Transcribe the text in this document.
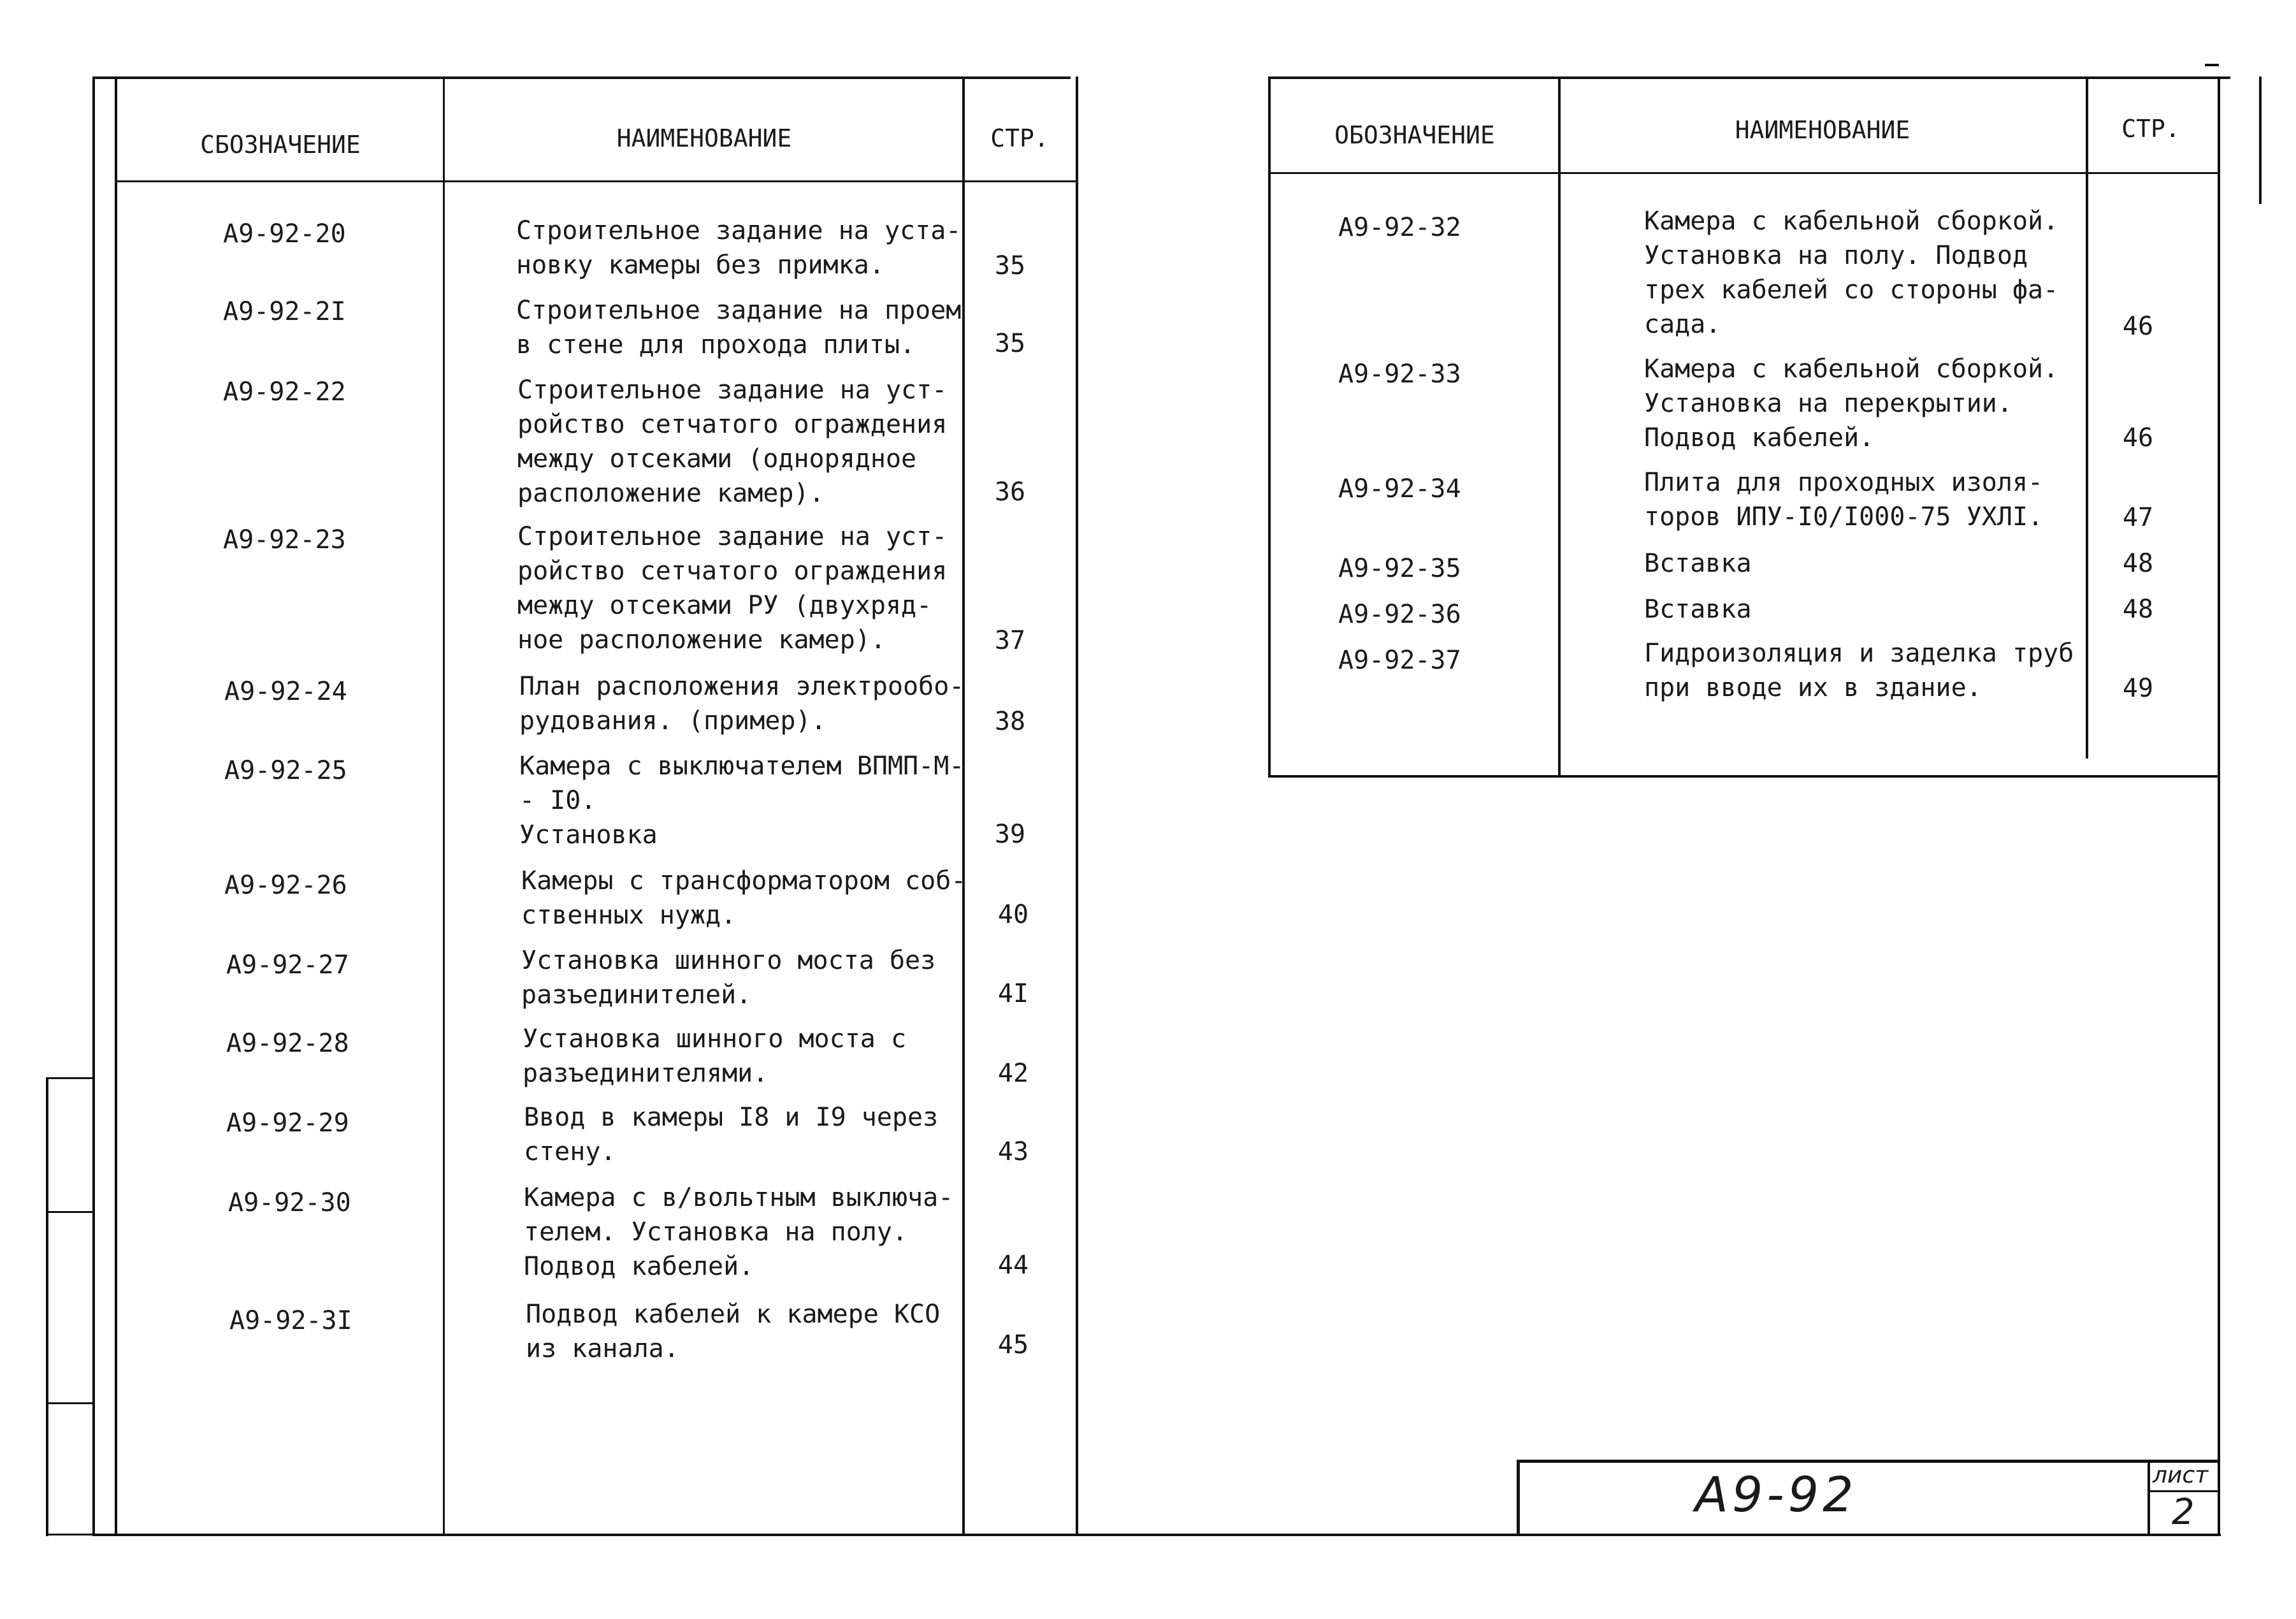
СБОЗНАЧЕНИЕ	НАИМЕНОВАНИЕ	СТР.
А9-92-20	Строительное задание на уста-
новку камеры без примка.	35
А9-92-2I	Строительное задание на проем
в стене для прохода плиты.	35
А9-92-22	Строительное задание на уст-
ройство сетчатого ограждения
между отсеками (однорядное
расположение камер).	36
А9-92-23	Строительное задание на уст-
ройство сетчатого ограждения
между отсеками РУ (двухряд-
ное расположение камер).	37
А9-92-24	План расположения электрообо-
рудования. (пример).	38
А9-92-25	Камера с выключателем ВПМП-М-
- I0.
Установка	39
А9-92-26	Камеры с трансформатором соб-
ственных нужд.	40
А9-92-27	Установка шинного моста без
разъединителей.	4I
А9-92-28	Установка шинного моста с
разъединителями.	42
А9-92-29	Ввод в камеры I8 и I9 через
стену.	43
А9-92-30	Камера с в/вольтным выключа-
телем. Установка на полу.
Подвод кабелей.	44
А9-92-3I	Подвод кабелей к камере КСО
из канала.	45
ОБОЗНАЧЕНИЕ	НАИМЕНОВАНИЕ	СТР.
А9-92-32	Камера с кабельной сборкой.
Установка на полу. Подвод
трех кабелей со стороны фа-
сада.	46
А9-92-33	Камера с кабельной сборкой.
Установка на перекрытии.
Подвод кабелей.	46
А9-92-34	Плита для проходных изоля-
торов ИПУ-I0/I000-75 УХЛI.	47
А9-92-35	Вставка	48
А9-92-36	Вставка	48
А9-92-37	Гидроизоляция и заделка труб
при вводе их в здание.	49
А9-92	лист
2
